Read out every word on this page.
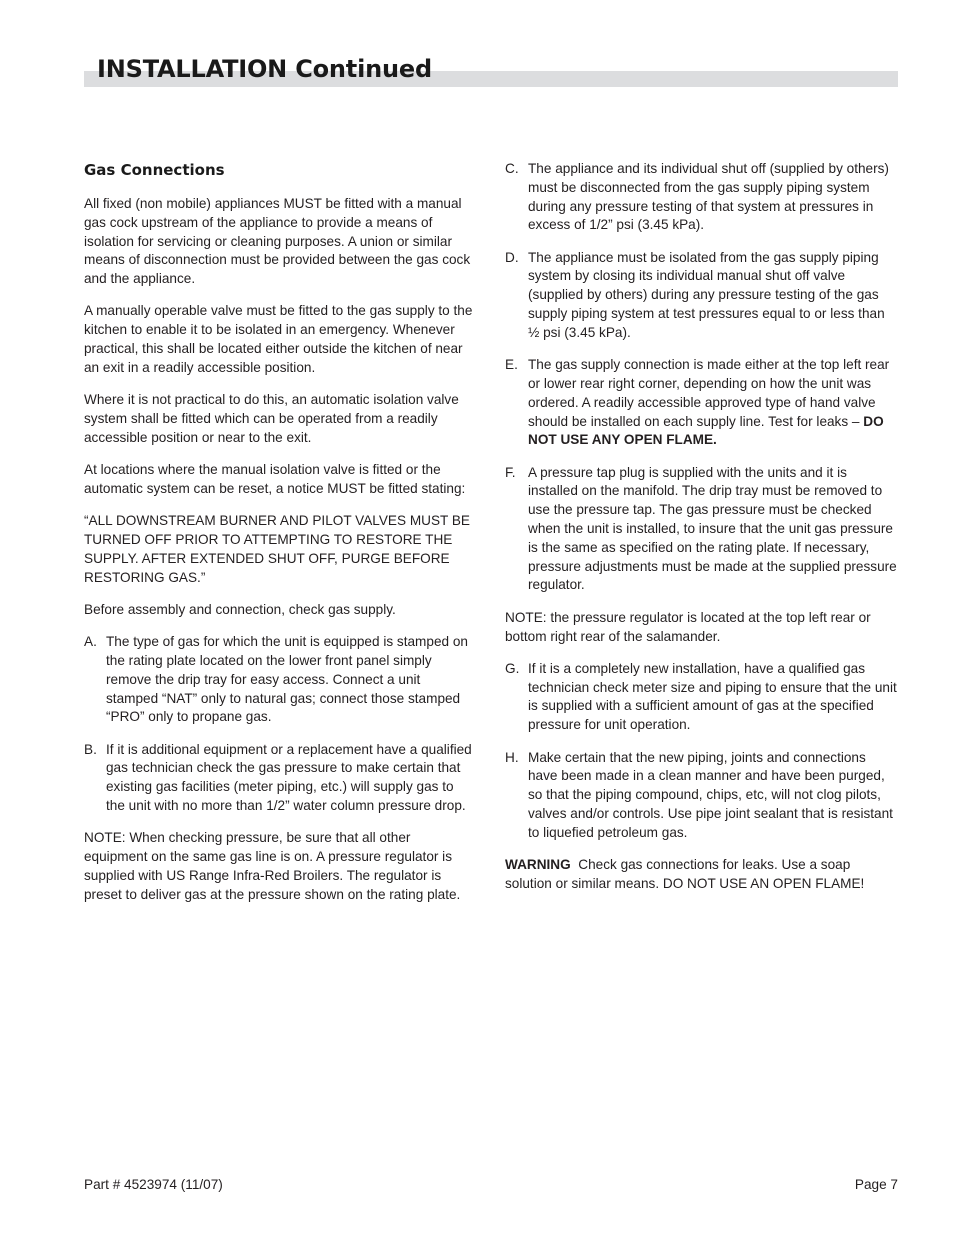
INSTALLATION Continued
Gas Connections

All fixed (non mobile) appliances MUST be fitted with a manual gas cock upstream of the appliance to provide a means of isolation for servicing or cleaning purposes. A union or similar means of disconnection must be provided between the gas cock and the appliance.

A manually operable valve must be fitted to the gas supply to the kitchen to enable it to be isolated in an emergency. Whenever practical, this shall be located either outside the kitchen of near an exit in a readily accessible position.

Where it is not practical to do this, an automatic isolation valve system shall be fitted which can be operated from a readily accessible position or near to the exit.

At locations where the manual isolation valve is fitted or the automatic system can be reset, a notice MUST be fitted stating:

“ALL DOWNSTREAM BURNER AND PILOT VALVES MUST BE TURNED OFF PRIOR TO ATTEMPTING TO RESTORE THE SUPPLY. AFTER EXTENDED SHUT OFF, PURGE BEFORE RESTORING GAS.”

Before assembly and connection, check gas supply.

A. The type of gas for which the unit is equipped is stamped on the rating plate located on the lower front panel simply remove the drip tray for easy access. Connect a unit stamped “NAT” only to natural gas; connect those stamped “PRO” only to propane gas.
B. If it is additional equipment or a replacement have a qualified gas technician check the gas pressure to make certain that existing gas facilities (meter piping, etc.) will supply gas to the unit with no more than 1/2” water column pressure drop.

NOTE: When checking pressure, be sure that all other equipment on the same gas line is on. A pressure regulator is supplied with US Range Infra-Red Broilers. The regulator is preset to deliver gas at the pressure shown on the rating plate.

C. The appliance and its individual shut off (supplied by others) must be disconnected from the gas supply piping system during any pressure testing of that system at pressures in excess of 1/2” psi (3.45 kPa).
D. The appliance must be isolated from the gas supply piping system by closing its individual manual shut off valve (supplied by others) during any pressure testing of the gas supply piping system at test pressures equal to or less than ½ psi (3.45 kPa).
E. The gas supply connection is made either at the top left rear or lower rear right corner, depending on how the unit was ordered. A readily accessible approved type of hand valve should be installed on each supply line. Test for leaks – DO NOT USE ANY OPEN FLAME.
F. A pressure tap plug is supplied with the units and it is installed on the manifold. The drip tray must be removed to use the pressure tap. The gas pressure must be checked when the unit is installed, to insure that the unit gas pressure is the same as specified on the rating plate. If necessary, pressure adjustments must be made at the supplied pressure regulator.

NOTE: the pressure regulator is located at the top left rear or bottom right rear of the salamander.

G. If it is a completely new installation, have a qualified gas technician check meter size and piping to ensure that the unit is supplied with a sufficient amount of gas at the specified pressure for unit operation.
H. Make certain that the new piping, joints and connections have been made in a clean manner and have been purged, so that the piping compound, chips, etc, will not clog pilots, valves and/or controls. Use pipe joint sealant that is resistant to liquefied petroleum gas.

WARNING  Check gas connections for leaks. Use a soap solution or similar means. DO NOT USE AN OPEN FLAME!

Part # 4523974 (11/07)	Page 7
